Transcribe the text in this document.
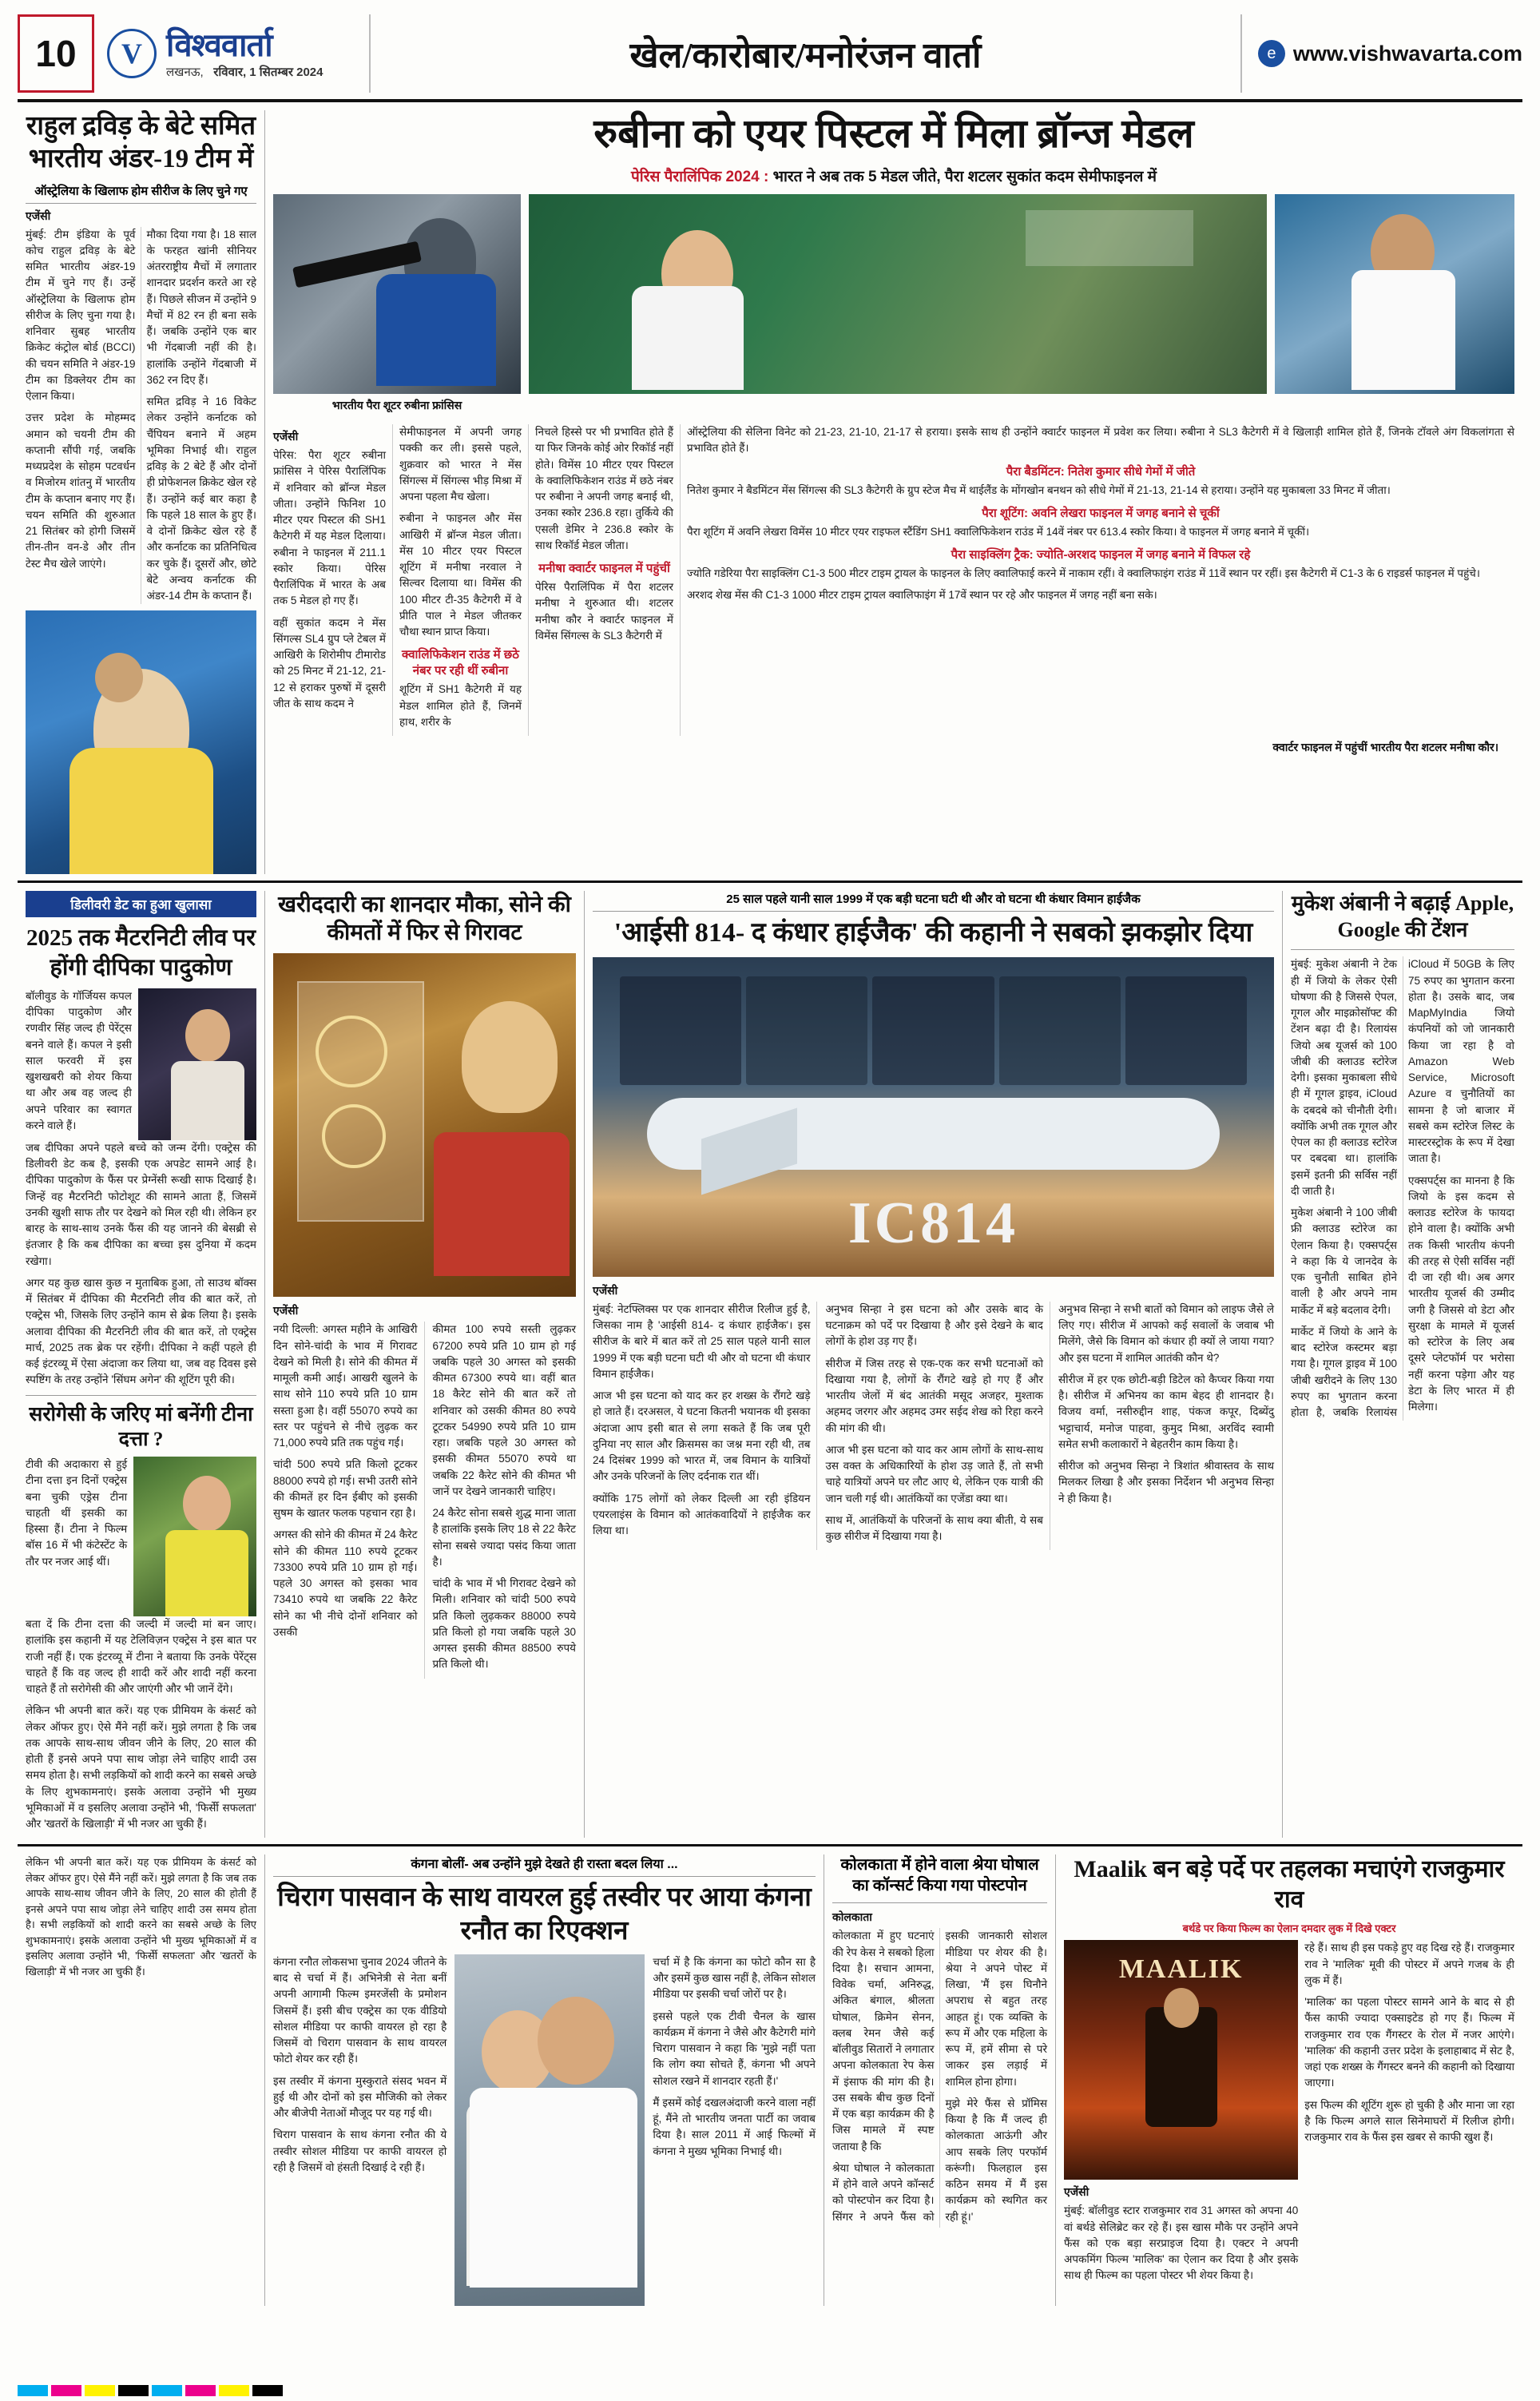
10	V विश्ववार्ता
लखनऊ, रविवार, 1 सितम्बर 2024	खेल/कारोबार/मनोरंजन वार्ता	e www.vishwavarta.com
राहुल द्रविड़ के बेटे समित भारतीय अंडर-19 टीम में
ऑस्ट्रेलिया के खिलाफ होम सीरीज के लिए चुने गए
एजेंसी

मुंबई: टीम इंडिया के पूर्व कोच राहुल द्रविड़ के बेटे समित भारतीय अंडर-19 टीम में चुने गए हैं। उन्हें ऑस्ट्रेलिया के खिलाफ होम सीरीज के लिए चुना गया है। शनिवार सुबह भारतीय क्रिकेट कंट्रोल बोर्ड (BCCI) की चयन समिति ने अंडर-19 टीम का डिक्लेयर टीम का ऐलान किया।

उत्तर प्रदेश के मोहम्मद अमान को चयनी टीम की कप्तानी सौंपी गई, जबकि मध्यप्रदेश के सोहम पटवर्धन व मिजोरम शांतनु में भारतीय टीम के कप्तान बनाए गए हैं। चयन समिति की शुरुआत 21 सितंबर को होगी जिसमें तीन-तीन वन-डे और तीन टेस्ट मैच खेले जाएंगे।

मौका दिया गया है। 18 साल के फरहत खांनी सीनियर अंतरराष्ट्रीय मैचों में लगातार शानदार प्रदर्शन करते आ रहे हैं। पिछले सीजन में उन्होंने 9 मैचों में 82 रन ही बना सके हैं। जबकि उन्होंने एक बार भी गेंदबाजी नहीं की है। हालांकि उन्होंने गेंदबाजी में 362 रन दिए हैं।

समित द्रविड़ ने 16 विकेट लेकर उन्होंने कर्नाटक को चैंपियन बनाने में अहम भूमिका निभाई थी। राहुल द्रविड़ के 2 बेटे हैं और दोनों ही प्रोफेशनल क्रिकेट खेल रहे हैं। उन्होंने कई बार कहा है कि पहले 18 साल के हुए हैं। वे दोनों क्रिकेट खेल रहे हैं और कर्नाटक का प्रतिनिधित्व कर चुके हैं। दूसरों और, छोटे बेटे अन्वय कर्नाटक की अंडर-14 टीम के कप्तान हैं।

रुबीना को एयर पिस्टल में मिला ब्रॉन्ज मेडल
पेरिस पैरालिंपिक 2024 : भारत ने अब तक 5 मेडल जीते, पैरा शटलर सुकांत कदम सेमीफाइनल में
भारतीय पैरा शूटर रुबीना फ्रांसिस
एजेंसी

पेरिस: पैरा शूटर रुबीना फ्रांसिस ने पेरिस पैरालिंपिक में शनिवार को ब्रॉन्ज मेडल जीता। उन्होंने फिनिश 10 मीटर एयर पिस्टल की SH1 कैटेगरी में यह मेडल दिलाया। रुबीना ने फाइनल में 211.1 स्कोर किया। पेरिस पैरालिंपिक में भारत के अब तक 5 मेडल हो गए हैं।

वहीं सुकांत कदम ने मेंस सिंगल्स SL4 ग्रुप प्ले टेबल में आखिरी के शिरोमीप टीमारोड को 25 मिनट में 21-12, 21-12 से हराकर पुरुषों में दूसरी जीत के साथ कदम ने

सेमीफाइनल में अपनी जगह पक्की कर ली। इससे पहले, शुक्रवार को भारत ने मेंस सिंगल्स में सिंगल्स भीड़ मिश्रा में अपना पहला मैच खेला।

रुबीना ने फाइनल और मेंस आखिरी में ब्रॉन्ज मेडल जीता। मेंस 10 मीटर एयर पिस्टल शूटिंग में मनीषा नरवाल ने सिल्वर दिलाया था। विमेंस की 100 मीटर टी-35 कैटेगरी में वे प्रीति पाल ने मेडल जीतकर चौथा स्थान प्राप्त किया।

क्वालिफिकेशन राउंड में छठे नंबर पर रही थीं रुबीना

शूटिंग में SH1 कैटेगरी में यह मेडल शामिल होते हैं, जिनमें हाथ, शरीर के

निचले हिस्से पर भी प्रभावित होते हैं या फिर जिनके कोई ओर रिकॉर्ड नहीं होते। विमेंस 10 मीटर एयर पिस्टल के क्वालिफिकेशन राउंड में छठे नंबर पर रुबीना ने अपनी जगह बनाई थी, उनका स्कोर 236.8 रहा। तुर्किये की एसली डेमिर ने 236.8 स्कोर के साथ रिकॉर्ड मेडल जीता।

मनीषा क्वार्टर फाइनल में पहुंचीं

पेरिस पैरालिंपिक में पैरा शटलर मनीषा ने शुरुआत थी। शटलर मनीषा कौर ने क्वार्टर फाइनल में विमेंस सिंगल्स के SL3 कैटेगरी में

ऑस्ट्रेलिया की सेलिना विनेट को 21-23, 21-10, 21-17 से हराया। इसके साथ ही उन्होंने क्वार्टर फाइनल में प्रवेश कर लिया। रुबीना ने SL3 कैटेगरी में वे खिलाड़ी शामिल होते हैं, जिनके टॉवले अंग विकलांगता से प्रभावित होते हैं।

पैरा बैडमिंटन: नितेश कुमार सीधे गेमों में जीते

नितेश कुमार ने बैडमिंटन मेंस सिंगल्स की SL3 कैटेगरी के ग्रुप स्टेज मैच में थाईलैंड के मोंगखोन बनथन को सीधे गेमों में 21-13, 21-14 से हराया। उन्होंने यह मुकाबला 33 मिनट में जीता।

पैरा शूटिंग: अवनि लेखरा फाइनल में जगह बनाने से चूकीं

पैरा शूटिंग में अवनि लेखरा विमेंस 10 मीटर एयर राइफल स्टैंडिंग SH1 क्वालिफिकेशन राउंड में 14वें नंबर पर 613.4 स्कोर किया। वे फाइनल में जगह बनाने में चूकीं।

पैरा साइक्लिंग ट्रैक: ज्योति-अरशद फाइनल में जगह बनाने में विफल रहे

ज्योति गडेरिया पैरा साइक्लिंग C1-3 500 मीटर टाइम ट्रायल के फाइनल के लिए क्वालिफाई करने में नाकाम रहीं। वे क्वालिफाइंग राउंड में 11वें स्थान पर रहीं। इस कैटेगरी में C1-3 के 6 राइडर्स फाइनल में पहुंचे।

अरशद शेख मेंस की C1-3 1000 मीटर टाइम ट्रायल क्वालिफाइंग में 17वें स्थान पर रहे और फाइनल में जगह नहीं बना सके।

क्वार्टर फाइनल में पहुंचीं भारतीय पैरा शटलर मनीषा कौर।
डिलीवरी डेट का हुआ खुलासा
2025 तक मैटरनिटी लीव पर होंगी दीपिका पादुकोण

बॉलीवुड के गॉर्जियस कपल दीपिका पादुकोण और रणवीर सिंह जल्द ही पेरेंट्स बनने वाले हैं। कपल ने इसी साल फरवरी में इस खुशखबरी को शेयर किया था और अब वह जल्द ही अपने परिवार का स्वागत करने वाले हैं।

जब दीपिका अपने पहले बच्चे को जन्म देंगी। एक्ट्रेस की डिलीवरी डेट कब है, इसकी एक अपडेट सामने आई है। दीपिका पादुकोण के फैंस पर प्रेग्नेंसी रूखी साफ दिखाई है। जिन्हें वह मैटरनिटी फोटोशूट की सामने आता हैं, जिसमें उनकी खुशी साफ तौर पर देखने को मिल रही थी। लेकिन हर बारह के साथ-साथ उनके फैंस की यह जानने की बेसब्री से इंतजार है कि कब दीपिका का बच्चा इस दुनिया में कदम रखेगा।

अगर यह कुछ खास कुछ न मुताबिक हुआ, तो साउथ बॉक्स में सितंबर में दीपिका की मैटरनिटी लीव की बात करें, तो एक्ट्रेस भी, जिसके लिए उन्होंने काम से ब्रेक लिया है। इसके अलावा दीपिका की मैटरनिटी लीव की बात करें, तो एक्ट्रेस मार्च, 2025 तक ब्रेक पर रहेंगी। दीपिका ने कहीं पहले ही कई इंटरव्यू में ऐसा अंदाजा कर लिया था, जब वह दिवस इसे स्पष्टिंग के तरह उन्होंने 'सिंघम अगेन' की शूटिंग पूरी की।

सरोगेसी के जरिए मां बनेंगी टीना दत्ता ?

टीवी की अदाकारा से हुई टीना दत्ता इन दिनों एक्ट्रेस बना चुकी एड्रेस टीना चाहती थीं इसकी का हिस्सा हैं। टीना ने फिल्म बॉस 16 में भी कंटेस्टेंट के तौर पर नजर आई थीं।

बता दें कि टीना दत्ता की जल्दी में जल्दी मां बन जाए। हालांकि इस कहानी में यह टेलिविज़न एक्ट्रेस ने इस बात पर राजी नहीं हैं। एक इंटरव्यू में टीना ने बताया कि उनके पेरेंट्स चाहते हैं कि वह जल्द ही शादी करें और शादी नहीं करना चाहते हैं तो सरोगेसी की और जाएंगी और भी जानें देंगे।

लेकिन भी अपनी बात करें। यह एक प्रीमियम के कंसर्ट को लेकर ऑफर हुए। ऐसे मैंने नहीं करें। मुझे लगता है कि जब तक आपके साथ-साथ जीवन जीने के लिए, 20 साल की होती हैं इनसे अपने पपा साथ जोड़ा लेने चाहिए शादी उस समय होता है। सभी लड़कियों को शादी करने का सबसे अच्छे के लिए शुभकामनाएं। इसके अलावा उन्होंने भी मुख्य भूमिकाओं में व इसलिए अलावा उन्होंने भी, 'फिर्सेी सफलता' और 'खतरों के खिलाड़ी' में भी नजर आ चुकी हैं।

खरीददारी का शानदार मौका, सोने की कीमतों में फिर से गिरावट
एजेंसी

नयी दिल्ली: अगस्त महीने के आखिरी दिन सोने-चांदी के भाव में गिरावट देखने को मिली है। सोने की कीमत में मामूली कमी आई। आखरी खुलने के साथ सोने 110 रुपये प्रति 10 ग्राम सस्ता हुआ है। वहीं 55070 रुपये का स्तर पर पहुंचने से नीचे लुढ़क कर 71,000 रुपये प्रति तक पहुंच गई।

चांदी 500 रुपये प्रति किलो टूटकर 88000 रुपये हो गई। सभी उतरी सोने की कीमतें हर दिन ईबीए को इसकी सुषम के खातर फलक पहचान रहा है।

अगस्त की सोने की कीमत में 24 कैरेट सोने की कीमत 110 रुपये टूटकर 73300 रुपये प्रति 10 ग्राम हो गई। पहले 30 अगस्त को इसका भाव 73410 रुपये था जबकि 22 कैरेट सोने का भी नीचे दोनों शनिवार को उसकी

कीमत 100 रुपये सस्ती लुढ़कर 67200 रुपये प्रति 10 ग्राम हो गई जबकि पहले 30 अगस्त को इसकी कीमत 67300 रुपये था। वहीं बात 18 कैरेट सोने की बात करें तो शनिवार को उसकी कीमत 80 रुपये टूटकर 54990 रुपये प्रति 10 ग्राम रहा। जबकि पहले 30 अगस्त को इसकी कीमत 55070 रुपये था जबकि 22 कैरेट सोने की कीमत भी जानें पर देखने जानकारी चाहिए।

24 कैरेट सोना सबसे शुद्ध माना जाता है हालांकि इसके लिए 18 से 22 कैरेट सोना सबसे ज्यादा पसंद किया जाता है।

चांदी के भाव में भी गिरावट देखने को मिली। शनिवार को चांदी 500 रुपये प्रति किलो लुढ़ककर 88000 रुपये प्रति किलो हो गया जबकि पहले 30 अगस्त इसकी कीमत 88500 रुपये प्रति किलो थी।

25 साल पहले यानी साल 1999 में एक बड़ी घटना घटी थी और वो घटना थी कंधार विमान हाईजैक
'आईसी 814- द कंधार हाईजैक' की कहानी ने सबको झकझोर दिया
IC814
एजेंसी

मुंबई: नेटफ्लिक्स पर एक शानदार सीरीज रिलीज हुई है, जिसका नाम है 'आईसी 814- द कंधार हाईजैक'। इस सीरीज के बारे में बात करें तो 25 साल पहले यानी साल 1999 में एक बड़ी घटना घटी थी और वो घटना थी कंधार विमान हाईजैक।

आज भी इस घटना को याद कर हर शख्स के रौंगटे खड़े हो जाते हैं। दरअसल, ये घटना कितनी भयानक थी इसका अंदाजा आप इसी बात से लगा सकते हैं कि जब पूरी दुनिया नए साल और क्रिसमस का जश्न मना रही थी, तब 24 दिसंबर 1999 को भारत में, जब विमान के यात्रियों और उनके परिजनों के लिए दर्दनाक रात थीं।

क्योंकि 175 लोगों को लेकर दिल्ली आ रही इंडियन एयरलाइंस के विमान को आतंकवादियों ने हाईजैक कर लिया था।

अनुभव सिन्हा ने इस घटना को और उसके बाद के घटनाक्रम को पर्दे पर दिखाया है और इसे देखने के बाद लोगों के होश उड़ गए हैं।

सीरीज में जिस तरह से एक-एक कर सभी घटनाओं को दिखाया गया है, लोगों के रौंगटे खड़े हो गए हैं और भारतीय जेलों में बंद आतंकी मसूद अजहर, मुश्ताक अहमद जरगर और अहमद उमर सईद शेख को रिहा करने की मांग की थी।

आज भी इस घटना को याद कर आम लोगों के साथ-साथ उस वक्त के अधिकारियों के होश उड़ जाते हैं, तो सभी चाहे यात्रियों अपने घर लौट आए थे, लेकिन एक यात्री की जान चली गई थी। आतंकियों का एजेंडा क्या था।

साथ में, आतंकियों के परिजनों के साथ क्या बीती, ये सब कुछ सीरीज में दिखाया गया है।

अनुभव सिन्हा ने सभी बातों को विमान को लाइफ जैसे ले लिए गए। सीरीज में आपको कई सवालों के जवाब भी मिलेंगे, जैसे कि विमान को कंधार ही क्यों ले जाया गया? और इस घटना में शामिल आतंकी कौन थे?

सीरीज में हर एक छोटी-बड़ी डिटेल को कैप्चर किया गया है। सीरीज में अभिनय का काम बेहद ही शानदार है। विजय वर्मा, नसीरुद्दीन शाह, पंकज कपूर, दिब्येंदु भट्टाचार्य, मनोज पाहवा, कुमुद मिश्रा, अरविंद स्वामी समेत सभी कलाकारों ने बेहतरीन काम किया है।

सीरीज को अनुभव सिन्हा ने त्रिशांत श्रीवास्तव के साथ मिलकर लिखा है और इसका निर्देशन भी अनुभव सिन्हा ने ही किया है।

मुकेश अंबानी ने बढ़ाई Apple, Google की टेंशन

मुंबई: मुकेश अंबानी ने टेक ही में जियो के लेकर ऐसी घोषणा की है जिससे ऐपल, गूगल और माइक्रोसॉफ्ट की टेंशन बढ़ा दी है। रिलायंस जियो अब यूजर्स को 100 जीबी की क्लाउड स्टोरेज देगी। इसका मुकाबला सीधे ही में गूगल ड्राइव, iCloud के दबदबे को चीनौती देगी। क्योंकि अभी तक गूगल और ऐपल का ही क्लाउड स्टोरेज पर दबदबा था। हालांकि इसमें इतनी फ्री सर्विस नहीं दी जाती है।

मुकेश अंबानी ने 100 जीबी फ्री क्लाउड स्टोरेज का ऐलान किया है। एक्सपर्ट्स ने कहा कि ये जानदेव के एक चुनौती साबित होने वाली है और अपने नाम मार्केट में बड़े बदलाव देगी।

मार्केट में जियो के आने के बाद स्टोरेज कस्टमर बड़ा गया है। गूगल ड्राइव में 100 जीबी खरीदने के लिए 130 रुपए का भुगतान करना होता है, जबकि रिलायंस iCloud में 50GB के लिए 75 रुपए का भुगतान करना होता है। उसके बाद, जब MapMyIndia जियो कंपनियों को जो जानकारी किया जा रहा है वो Amazon Web Service, Microsoft Azure व चुनौतियों का सामना है जो बाजार में सबसे कम स्टोरेज लिस्ट के मास्टरस्ट्रोक के रूप में देखा जाता है।

एक्सपर्ट्स का मानना है कि जियो के इस कदम से क्लाउड स्टोरेज के फायदा होने वाला है। क्योंकि अभी तक किसी भारतीय कंपनी की तरह से ऐसी सर्विस नहीं दी जा रही थी। अब अगर भारतीय यूजर्स की उम्मीद जगी है जिससे वो डेटा और सुरक्षा के मामले में यूजर्स को स्टोरेज के लिए अब दूसरे प्लेटफॉर्म पर भरोसा नहीं करना पड़ेगा और यह डेटा के लिए भारत में ही मिलेगा।

लेकिन भी अपनी बात करें। यह एक प्रीमियम के कंसर्ट को लेकर ऑफर हुए। ऐसे मैंने नहीं करें। मुझे लगता है कि जब तक आपके साथ-साथ जीवन जीने के लिए, 20 साल की होती हैं इनसे अपने पपा साथ जोड़ा लेने चाहिए शादी उस समय होता है। सभी लड़कियों को शादी करने का सबसे अच्छे के लिए शुभकामनाएं। इसके अलावा उन्होंने भी मुख्य भूमिकाओं में व इसलिए अलावा उन्होंने भी, 'फिर्सेी सफलता' और 'खतरों के खिलाड़ी' में भी नजर आ चुकी हैं।

कंगना बोलीं- अब उन्होंने मुझे देखते ही रास्ता बदल लिया ...
चिराग पासवान के साथ वायरल हुई तस्वीर पर आया कंगना रनौत का रिएक्शन

कंगना रनौत लोकसभा चुनाव 2024 जीतने के बाद से चर्चा में हैं। अभिनेत्री से नेता बनीं अपनी आगामी फिल्म इमरजेंसी के प्रमोशन जिसमें हैं। इसी बीच एक्ट्रेस का एक वीडियो सोशल मीडिया पर काफी वायरल हो रहा है जिसमें वो चिराग पासवान के साथ वायरल फोटो शेयर कर रही हैं।

इस तस्वीर में कंगना मुस्कुराते संसद भवन में हुई थी और दोनों को इस मौजिकी को लेकर और बीजेपी नेताओं मौजूद पर यह गई थी।

चिराग पासवान के साथ कंगना रनौत की ये तस्वीर सोशल मीडिया पर काफी वायरल हो रही है जिसमें वो हंसती दिखाई दे रही हैं।

चर्चा में है कि कंगना का फोटो कौन सा है और इसमें कुछ खास नहीं है, लेकिन सोशल मीडिया पर इसकी चर्चा जोरों पर है।

इससे पहले एक टीवी चैनल के खास कार्यक्रम में कंगना ने जैसे और कैटेगरी मांगे चिराग पासवान ने कहा कि 'मुझे नहीं पता कि लोग क्या सोचते हैं, कंगना भी अपने सोशल रखने में शानदार रहती हैं।'

मैं इसमें कोई दखलअंदाजी करने वाला नहीं हूं, मैंने तो भारतीय जनता पार्टी का जवाब दिया है। साल 2011 में आई फिल्मों में कंगना ने मुख्य भूमिका निभाई थी।

कोलकाता में होने वाला श्रेया घोषाल का कॉन्सर्ट किया गया पोस्टपोन
कोलकाता

कोलकाता में हुए घटनाएं की रेप केस ने सबको हिला दिया है। सचान आमना, विवेक चर्मा, अनिरुद्ध, अंकित बंगाल, श्रीलता घोषाल, क्रिमेन सेनन, क्लब रेमन जैसे कई बॉलीवुड सितारों ने लगातार अपना कोलकाता रेप केस में इंसाफ की मांग की है। उस सबके बीच कुछ दिनों में एक बड़ा कार्यक्रम की है जिस मामले में स्पष्ट जताया है कि

श्रेया घोषाल ने कोलकाता में होने वाले अपने कॉन्सर्ट को पोस्टपोन कर दिया है। सिंगर ने अपने फैंस को इसकी जानकारी सोशल मीडिया पर शेयर की है। श्रेया ने अपने पोस्ट में लिखा, 'मैं इस घिनौने अपराध से बहुत तरह आहत हूं। एक व्यक्ति के रूप में और एक महिला के रूप में, हमें सीमा से परे जाकर इस लड़ाई में शामिल होना होगा।

मुझे मेरे फैंस से प्रॉमिस किया है कि मैं जल्द ही कोलकाता आऊंगी और आप सबके लिए परफॉर्म करूंगी। फिलहाल इस कठिन समय में मैं इस कार्यक्रम को स्थगित कर रही हूं।'

Maalik बन बड़े पर्दे पर तहलका मचाएंगे राजकुमार राव
बर्थडे पर किया फिल्म का ऐलान दमदार लुक में दिखे एक्टर
MAALIK
एजेंसी

मुंबई: बॉलीवुड स्टार राजकुमार राव 31 अगस्त को अपना 40 वां बर्थडे सेलिब्रेट कर रहे हैं। इस खास मौके पर उन्होंने अपने फैंस को एक बड़ा सरप्राइज दिया है। एक्टर ने अपनी अपकमिंग फिल्म 'मालिक' का ऐलान कर दिया है और इसके साथ ही फिल्म का पहला पोस्टर भी शेयर किया है।

रहे हैं। साथ ही इस पकड़े हुए वह दिख रहे हैं। राजकुमार राव ने 'मालिक' मूवी की पोस्टर में अपने गजब के ही लुक में हैं।

'मालिक' का पहला पोस्टर सामने आने के बाद से ही फैंस काफी ज्यादा एक्साइटेड हो गए हैं। फिल्म में राजकुमार राव एक गैंगस्टर के रोल में नजर आएंगे। 'मालिक' की कहानी उत्तर प्रदेश के इलाहाबाद में सेट है, जहां एक शख्स के गैंगस्टर बनने की कहानी को दिखाया जाएगा।

इस फिल्म की शूटिंग शुरू हो चुकी है और माना जा रहा है कि फिल्म अगले साल सिनेमाघरों में रिलीज होगी। राजकुमार राव के फैंस इस खबर से काफी खुश हैं।
